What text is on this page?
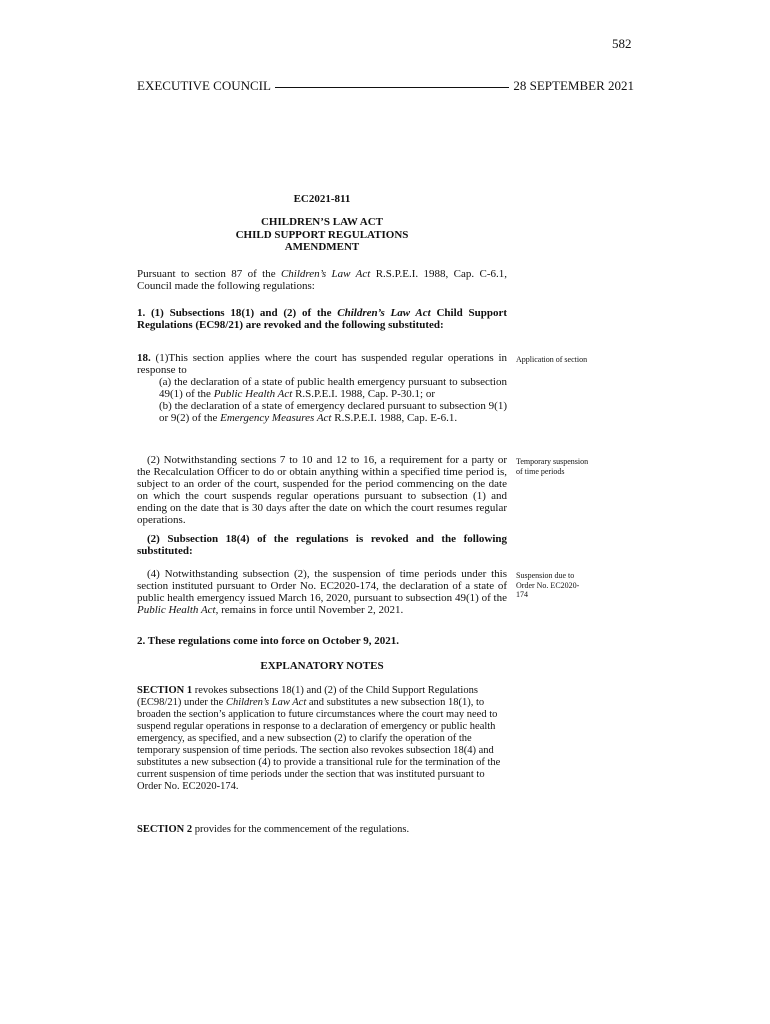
582
EXECUTIVE COUNCIL	28 SEPTEMBER 2021
EC2021-811
CHILDREN’S LAW ACT
CHILD SUPPORT REGULATIONS
AMENDMENT
Pursuant to section 87 of the Children’s Law Act R.S.P.E.I. 1988, Cap. C-6.1, Council made the following regulations:
1. (1) Subsections 18(1) and (2) of the Children’s Law Act Child Support Regulations (EC98/21) are revoked and the following substituted:
18. (1)This section applies where the court has suspended regular operations in response to
(a) the declaration of a state of public health emergency pursuant to subsection 49(1) of the Public Health Act R.S.P.E.I. 1988, Cap. P-30.1; or
(b) the declaration of a state of emergency declared pursuant to subsection 9(1) or 9(2) of the Emergency Measures Act R.S.P.E.I. 1988, Cap. E-6.1.
Application of section
(2) Notwithstanding sections 7 to 10 and 12 to 16, a requirement for a party or the Recalculation Officer to do or obtain anything within a specified time period is, subject to an order of the court, suspended for the period commencing on the date on which the court suspends regular operations pursuant to subsection (1) and ending on the date that is 30 days after the date on which the court resumes regular operations.
Temporary suspension of time periods
(2) Subsection 18(4) of the regulations is revoked and the following substituted:
(4) Notwithstanding subsection (2), the suspension of time periods under this section instituted pursuant to Order No. EC2020-174, the declaration of a state of public health emergency issued March 16, 2020, pursuant to subsection 49(1) of the Public Health Act, remains in force until November 2, 2021.
Suspension due to Order No. EC2020-174
2. These regulations come into force on October 9, 2021.
EXPLANATORY NOTES
SECTION 1 revokes subsections 18(1) and (2) of the Child Support Regulations (EC98/21) under the Children’s Law Act and substitutes a new subsection 18(1), to broaden the section’s application to future circumstances where the court may need to suspend regular operations in response to a declaration of emergency or public health emergency, as specified, and a new subsection (2) to clarify the operation of the temporary suspension of time periods. The section also revokes subsection 18(4) and substitutes a new subsection (4) to provide a transitional rule for the termination of the current suspension of time periods under the section that was instituted pursuant to Order No. EC2020-174.
SECTION 2 provides for the commencement of the regulations.
